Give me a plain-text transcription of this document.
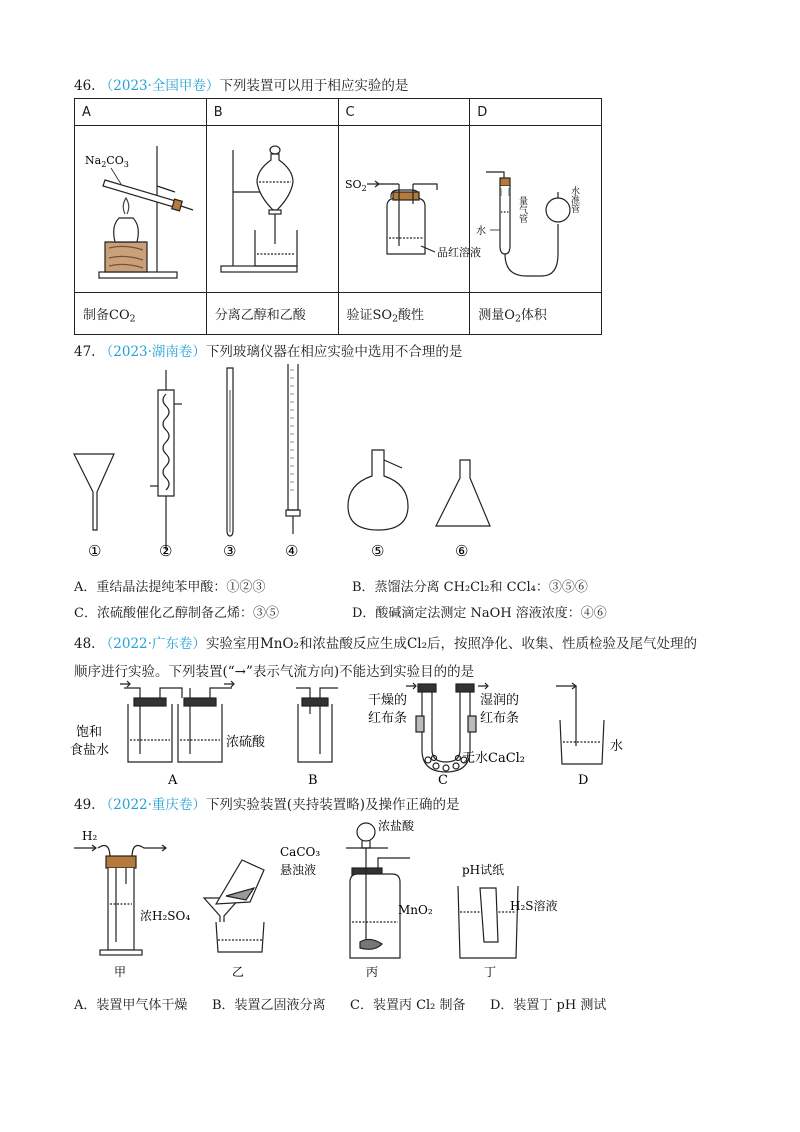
46. （2023·全国甲卷）下列装置可以用于相应实验的是
A	B	C	D

$Na_2CO_3$		$SO_2$
品红溶液	水
量气管 水准管

制备$CO_2$	分离乙醇和乙酸	验证$SO_2$酸性	测量$O_2$体积
47. （2023·湖南卷）下列玻璃仪器在相应实验中选用不合理的是
①	②	③	④	⑤	⑥
A．重结晶法提纯苯甲酸：①②③	B．蒸馏法分离 CH₂Cl₂和 CCl₄：③⑤⑥
C．浓硫酸催化乙醇制备乙烯：③⑤	D．酸碱滴定法测定 NaOH 溶液浓度：④⑥
48. （2022·广东卷）实验室用MnO₂和浓盐酸反应生成Cl₂后，按照净化、收集、性质检验及尾气处理的
顺序进行实验。下列装置(“→”表示气流方向)不能达到实验目的的是
饱和
食盐水
浓硫酸
干燥的
红布条
湿润的
红布条
无水CaCl₂
水
A	B	C	D
49. （2022·重庆卷）下列实验装置(夹持装置略)及操作正确的是
H₂
浓H₂SO₄
CaCO₃
悬浊液
浓盐酸
MnO₂
pH试纸
H₂S溶液
甲	乙	丙	丁
A．装置甲气体干燥 B．装置乙固液分离 C．装置丙 Cl₂ 制备 D．装置丁 pH 测试
